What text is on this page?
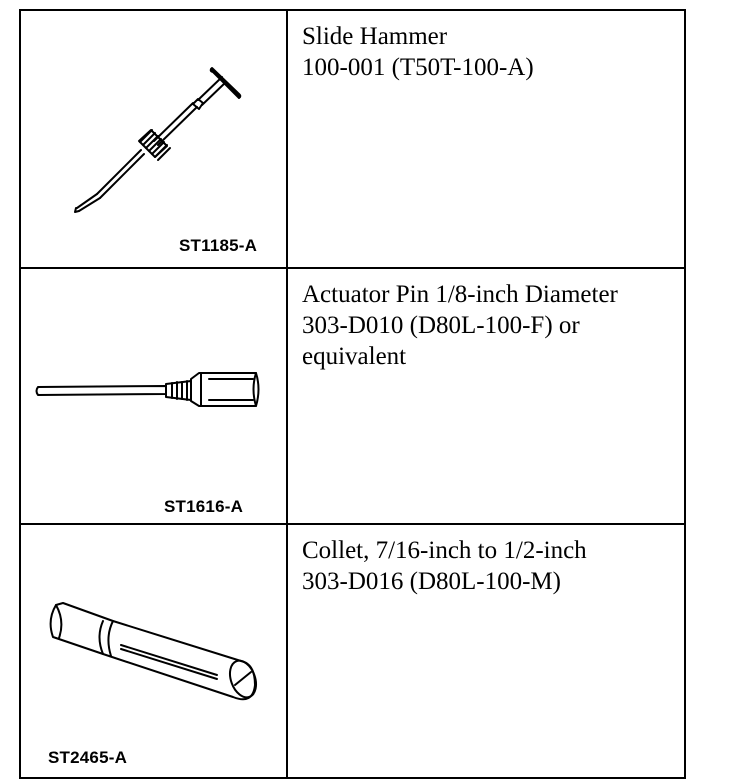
ST1185-A
Slide Hammer
100-001 (T50T-100-A)
ST1616-A
Actuator Pin 1/8-inch Diameter
303-D010 (D80L-100-F) or
equivalent
ST2465-A
Collet, 7/16-inch to 1/2-inch
303-D016 (D80L-100-M)
